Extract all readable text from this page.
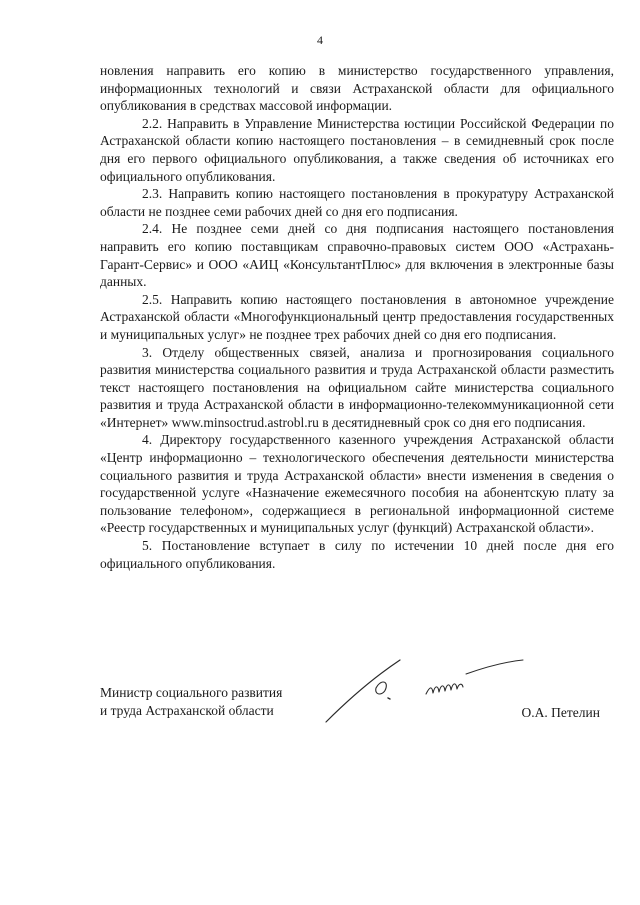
4

новления направить его копию в министерство государственного управления, информационных технологий и связи Астраханской области для официального опубликования в средствах массовой информации.

2.2. Направить в Управление Министерства юстиции Российской Федерации по Астраханской области копию настоящего постановления – в семидневный срок после дня его первого официального опубликования, а также сведения об источниках его официального опубликования.

2.3. Направить копию настоящего постановления в прокуратуру Астраханской области не позднее семи рабочих дней со дня его подписания.

2.4. Не позднее семи дней со дня подписания настоящего постановления направить его копию поставщикам справочно-правовых систем ООО «Астрахань-Гарант-Сервис» и ООО «АИЦ «КонсультантПлюс» для включения в электронные базы данных.

2.5. Направить копию настоящего постановления в автономное учреждение Астраханской области «Многофункциональный центр предоставления государственных и муниципальных услуг» не позднее трех рабочих дней со дня его подписания.

3. Отделу общественных связей, анализа и прогнозирования социального развития министерства социального развития и труда Астраханской области разместить текст настоящего постановления на официальном сайте министерства социального развития и труда Астраханской области в информационно-телекоммуникационной сети «Интернет» www.minsoctrud.astrobl.ru в десятидневный срок со дня его подписания.

4. Директору государственного казенного учреждения Астраханской области «Центр информационно – технологического обеспечения деятельности министерства социального развития и труда Астраханской области» внести изменения в сведения о государственной услуге «Назначение ежемесячного пособия на абонентскую плату за пользование телефоном», содержащиеся в региональной информационной системе «Реестр государственных и муниципальных услуг (функций) Астраханской области».

5. Постановление вступает в силу по истечении 10 дней после дня его официального опубликования.

Министр социального развития
и труда Астраханской области	О.А. Петелин
